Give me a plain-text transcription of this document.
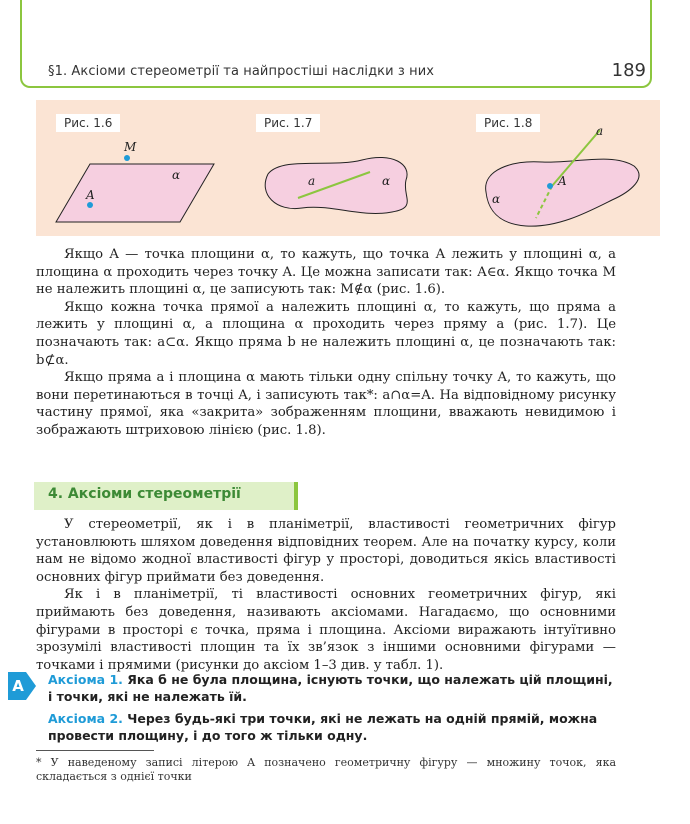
§1. Аксіоми стереометрії та найпростіші наслідки з них	189
Рис. 1.6
M
A
α
Рис. 1.7
a	α
Рис. 1.8
a
A
α

Якщо A — точка площини α, то кажуть, що точка A лежить у площині α, а площина α проходить через точку A. Це можна записати так: A∈α. Якщо точка M не належить площині α, це записують так: M∉α (рис. 1.6).

Якщо кожна точка прямої a належить площині α, то кажуть, що пряма a лежить у площині α, а площина α проходить через пряму a (рис. 1.7). Це позначають так: a⊂α. Якщо пряма b не належить площині α, це позначають так: b⊄α.

Якщо пряма a і площина α мають тільки одну спільну точку A, то кажуть, що вони перетинаються в точці A, і записують так*: a∩α=A. На відповідному рисунку частину прямої, яка «закрита» зображенням площини, вважають невидимою і зображають штриховою лінією (рис. 1.8).

4. Аксіоми стереометрії

У стереометрії, як і в планіметрії, властивості геометричних фігур установлюють шляхом доведення відповідних теорем. Але на початку курсу, коли нам не відомо жодної властивості фігур у просторі, доводиться якісь властивості основних фігур приймати без доведення.

Як і в планіметрії, ті властивості основних геометричних фігур, які приймають без доведення, називають аксіомами. Нагадаємо, що основними фігурами в просторі є точка, пряма і площина. Аксіоми виражають інтуїтивно зрозумілі властивості площин та їх зв’язок з іншими основними фігурами — точками і прямими (рисунки до аксіом 1–3 див. у табл. 1).

A Аксіома 1. Яка б не була площина, існують точки, що належать цій площині, і точки, які не належать їй.

Аксіома 2. Через будь-які три точки, які не лежать на одній прямій, можна провести площину, і до того ж тільки одну.

* У наведеному записі літерою A позначено геометричну фігуру — множину точок, яка складається з однієї точки
